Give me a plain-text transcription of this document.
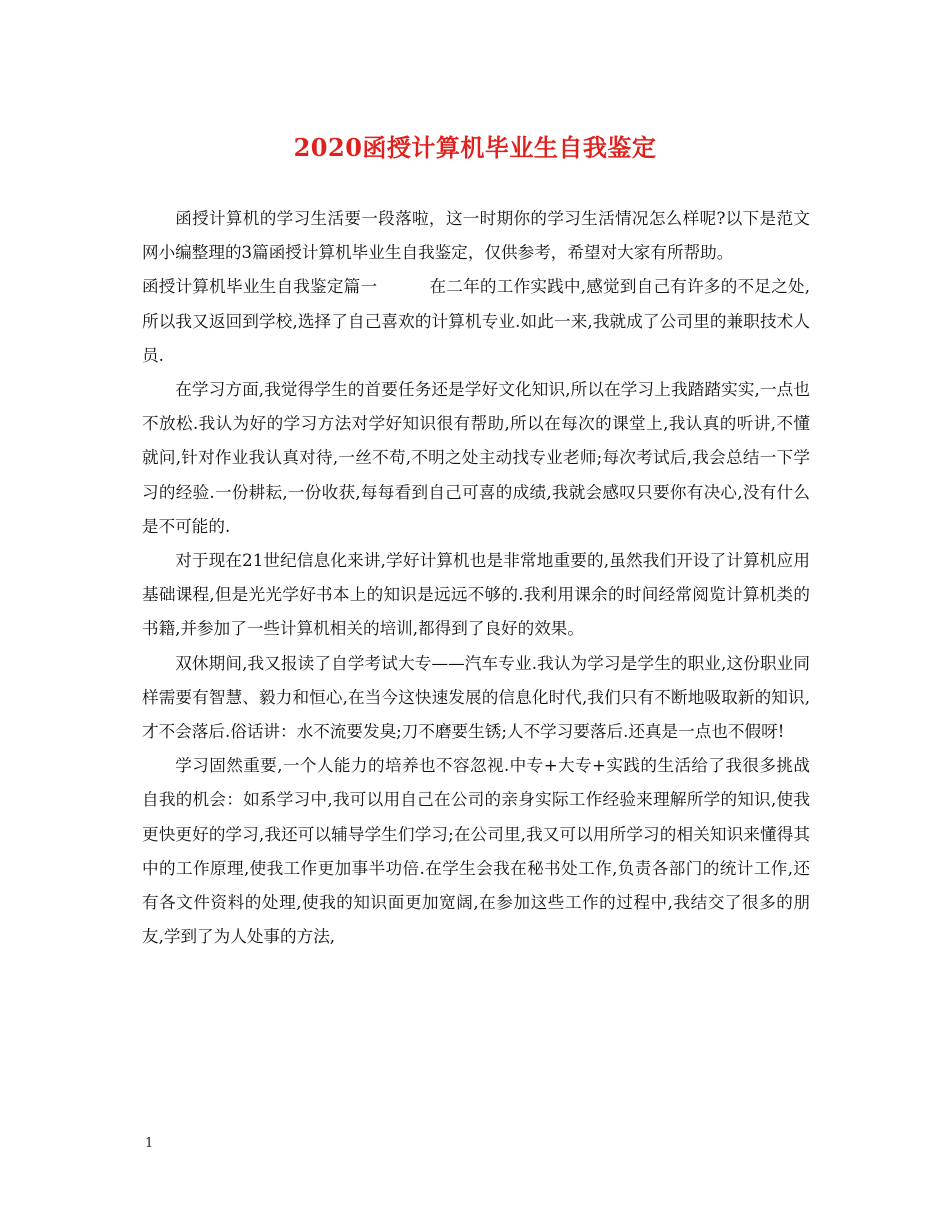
2020函授计算机毕业生自我鉴定

函授计算机的学习生活要一段落啦，这一时期你的学习生活情况怎么样呢?以下是范文网小编整理的3篇函授计算机毕业生自我鉴定，仅供参考，希望对大家有所帮助。

函授计算机毕业生自我鉴定篇一	在二年的工作实践中,感觉到自己有许多的不足之处,所以我又返回到学校,选择了自己喜欢的计算机专业.如此一来,我就成了公司里的兼职技术人员.

在学习方面,我觉得学生的首要任务还是学好文化知识,所以在学习上我踏踏实实,一点也不放松.我认为好的学习方法对学好知识很有帮助,所以在每次的课堂上,我认真的听讲,不懂就问,针对作业我认真对待,一丝不苟,不明之处主动找专业老师;每次考试后,我会总结一下学习的经验.一份耕耘,一份收获,每每看到自己可喜的成绩,我就会感叹只要你有决心,没有什么是不可能的.

对于现在21世纪信息化来讲,学好计算机也是非常地重要的,虽然我们开设了计算机应用基础课程,但是光光学好书本上的知识是远远不够的.我利用课余的时间经常阅览计算机类的书籍,并参加了一些计算机相关的培训,都得到了良好的效果。

双休期间,我又报读了自学考试大专——汽车专业.我认为学习是学生的职业,这份职业同样需要有智慧、毅力和恒心,在当今这快速发展的信息化时代,我们只有不断地吸取新的知识,才不会落后.俗话讲：水不流要发臭;刀不磨要生锈;人不学习要落后.还真是一点也不假呀!

学习固然重要,一个人能力的培养也不容忽视.中专+大专+实践的生活给了我很多挑战自我的机会：如系学习中,我可以用自己在公司的亲身实际工作经验来理解所学的知识,使我更快更好的学习,我还可以辅导学生们学习;在公司里,我又可以用所学习的相关知识来懂得其中的工作原理,使我工作更加事半功倍.在学生会我在秘书处工作,负责各部门的统计工作,还有各文件资料的处理,使我的知识面更加宽阔,在参加这些工作的过程中,我结交了很多的朋友,学到了为人处事的方法,

1
